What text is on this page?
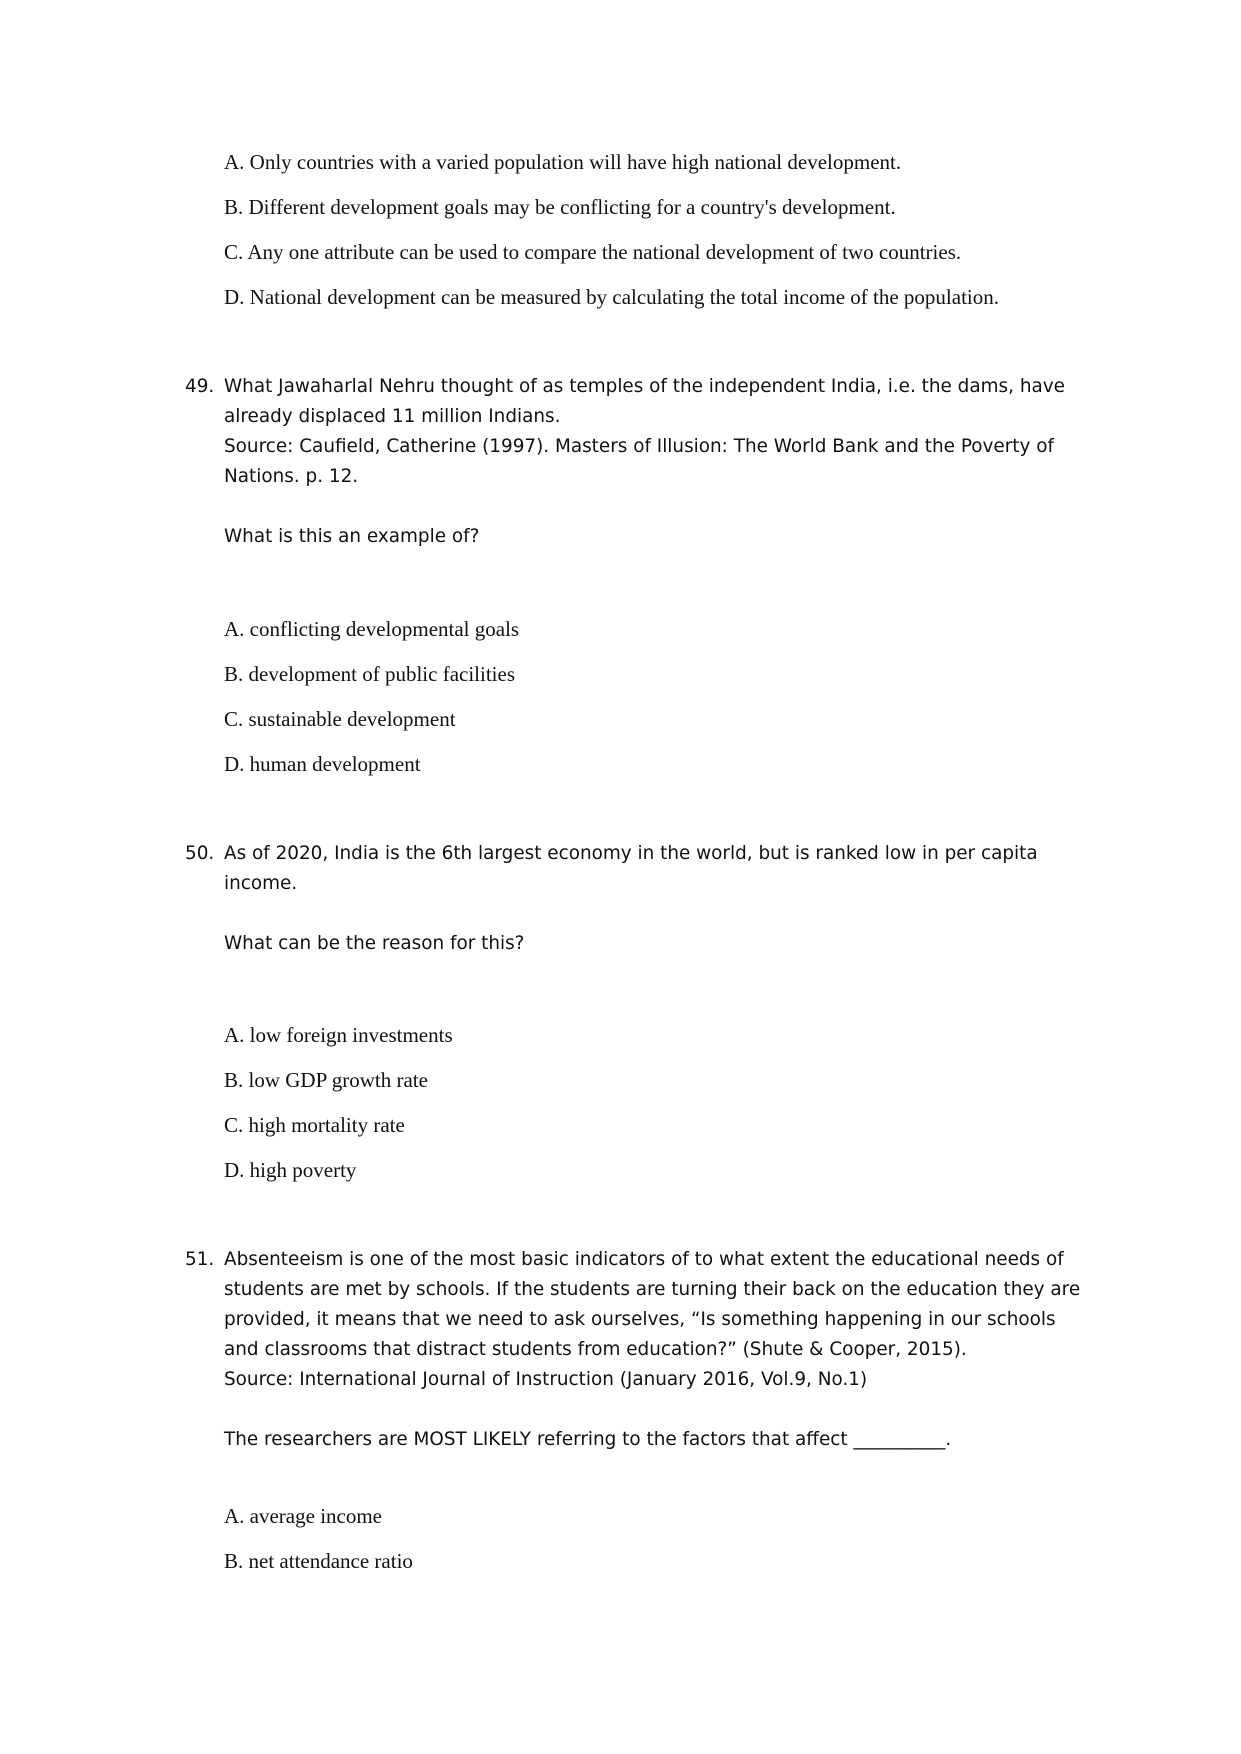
A. Only countries with a varied population will have high national development.
B. Different development goals may be conflicting for a country's development.
C. Any one attribute can be used to compare the national development of two countries.
D. National development can be measured by calculating the total income of the population.
49. What Jawaharlal Nehru thought of as temples of the independent India, i.e. the dams, have
already displaced 11 million Indians.
Source: Caufield, Catherine (1997). Masters of Illusion: The World Bank and the Poverty of
Nations. p. 12.
What is this an example of?
A. conflicting developmental goals
B. development of public facilities
C. sustainable development
D. human development
50. As of 2020, India is the 6th largest economy in the world, but is ranked low in per capita
income.
What can be the reason for this?
A. low foreign investments
B. low GDP growth rate
C. high mortality rate
D. high poverty
51. Absenteeism is one of the most basic indicators of to what extent the educational needs of
students are met by schools. If the students are turning their back on the education they are
provided, it means that we need to ask ourselves, “Is something happening in our schools
and classrooms that distract students from education?” (Shute & Cooper, 2015).
Source: International Journal of Instruction (January 2016, Vol.9, No.1)
The researchers are MOST LIKELY referring to the factors that affect __________.
A. average income
B. net attendance ratio
